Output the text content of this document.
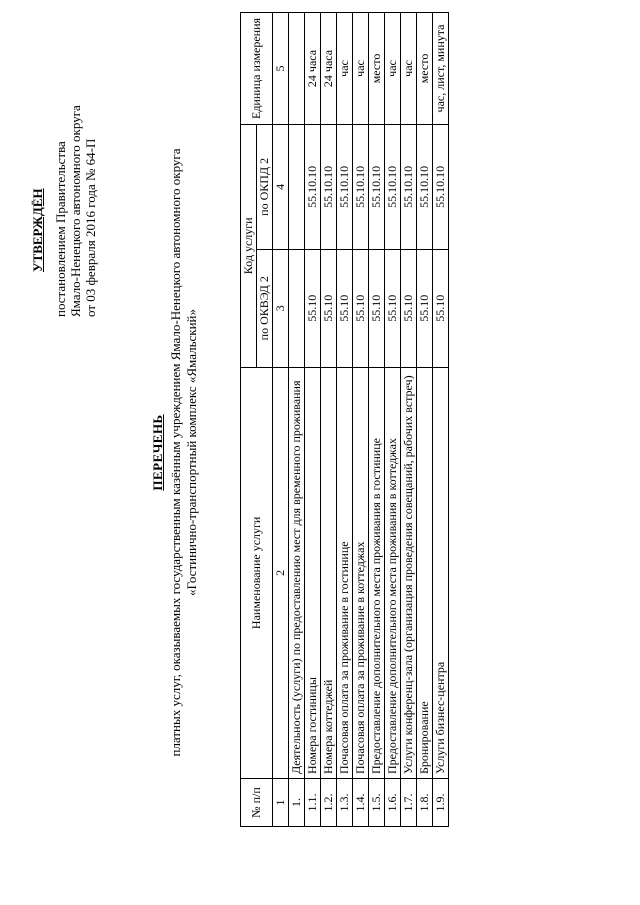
УТВЕРЖДЁН постановлением Правительства Ямало-Ненецкого автономного округа от 03 февраля 2016 года № 64-П
ПЕРЕЧЕНЬ платных услуг, оказываемых государственным казённым учреждением Ямало-Ненецкого автономного округа «Гостинично-транспортный комплекс «Ямальский»
№ п/п	Наименование услуги	Код услуги		Единица измерения
		по ОКВЭД 2	по ОКПД 2	
1	2	3	4	5
1.	Деятельность (услуги) по предоставлению мест для временного проживания			
1.1.	Номера гостиницы	55.10	55.10.10	24 часа
1.2.	Номера коттеджей	55.10	55.10.10	24 часа
1.3.	Почасовая оплата за проживание в гостинице	55.10	55.10.10	час
1.4.	Почасовая оплата за проживание в коттеджах	55.10	55.10.10	час
1.5.	Предоставление дополнительного места проживания в гостинице	55.10	55.10.10	место
1.6.	Предоставление дополнительного места проживания в коттеджах	55.10	55.10.10	час
1.7.	Услуги конференц-зала (организация проведения совещаний, рабочих встреч)	55.10	55.10.10	час
1.8.	Бронирование	55.10	55.10.10	место
1.9.	Услуги бизнес-центра	55.10	55.10.10	час, лист, минута
